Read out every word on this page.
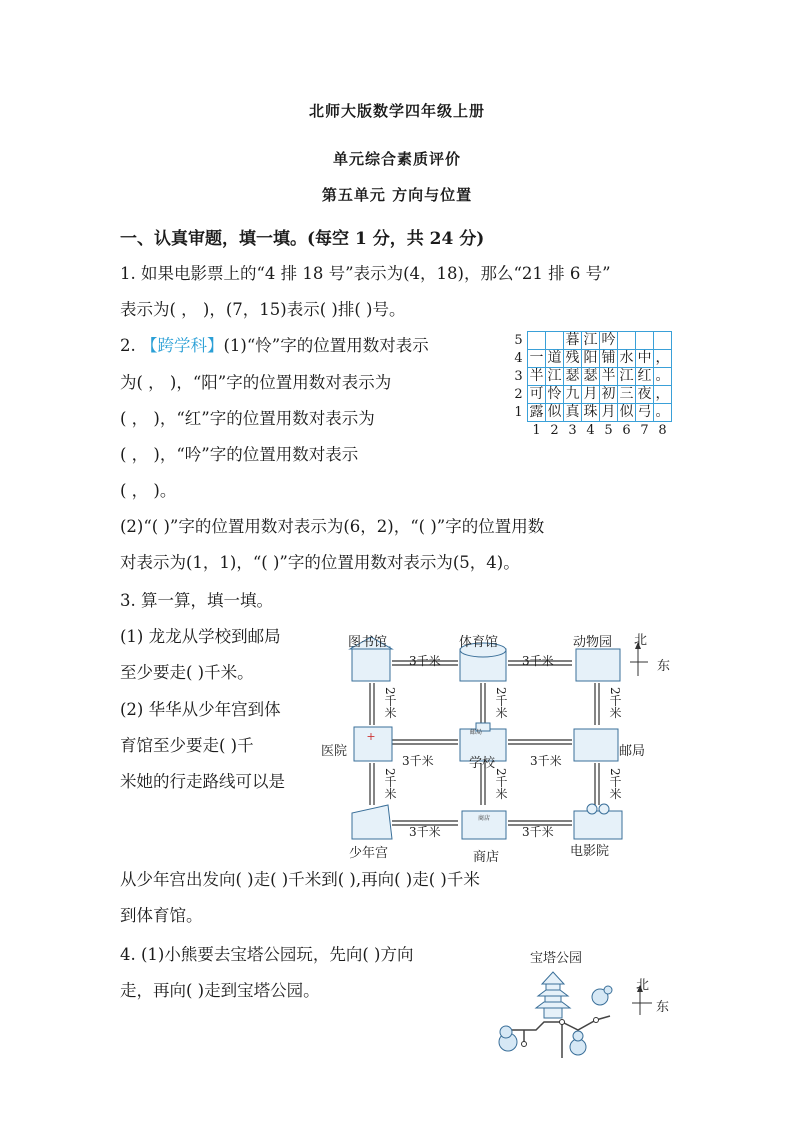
北师大版数学四年级上册
单元综合素质评价
第五单元 方向与位置
一、认真审题，填一填。(每空 1 分，共 24 分)
1. 如果电影票上的“4 排 18 号”表示为(4，18)，那么“21 排 6 号”
表示为( ， )，(7，15)表示( )排( )号。
2. 【跨学科】(1)“怜”字的位置用数对表示
为( ， )，“阳”字的位置用数对表示为
( ， )，“红”字的位置用数对表示为
( ， )，“吟”字的位置用数对表示
( ， )。
(2)“( )”字的位置用数对表示为(6，2)，“( )”字的位置用数
对表示为(1，1)，“( )”字的位置用数对表示为(5，4)。
5			暮	江	吟			
4	一	道	残	阳	铺	水	中	，
3	半	江	瑟	瑟	半	江	红	。
2	可	怜	九	月	初	三	夜	，
1	露	似	真	珠	月	似	弓	。
	1	2	3	4	5	6	7	8
3. 算一算，填一填。
(1) 龙龙从学校到邮局
至少要走( )千米。
(2) 华华从少年宫到体
育馆至少要走( )千
米她的行走路线可以是
从少年宫出发向( )走( )千米到( ),再向( )走( )千米
到体育馆。
邮局
商店
+
图书馆	体育馆	动物园
医院
学校
邮局
少年宫	商店	电影院
3千米	3千米
3千米	3千米
3千米	3千米
2千米	2千米	2千米
2千米	2千米	2千米
北
东
4. (1)小熊要去宝塔公园玩，先向( )方向
走，再向( )走到宝塔公园。
宝塔公园
北
东
